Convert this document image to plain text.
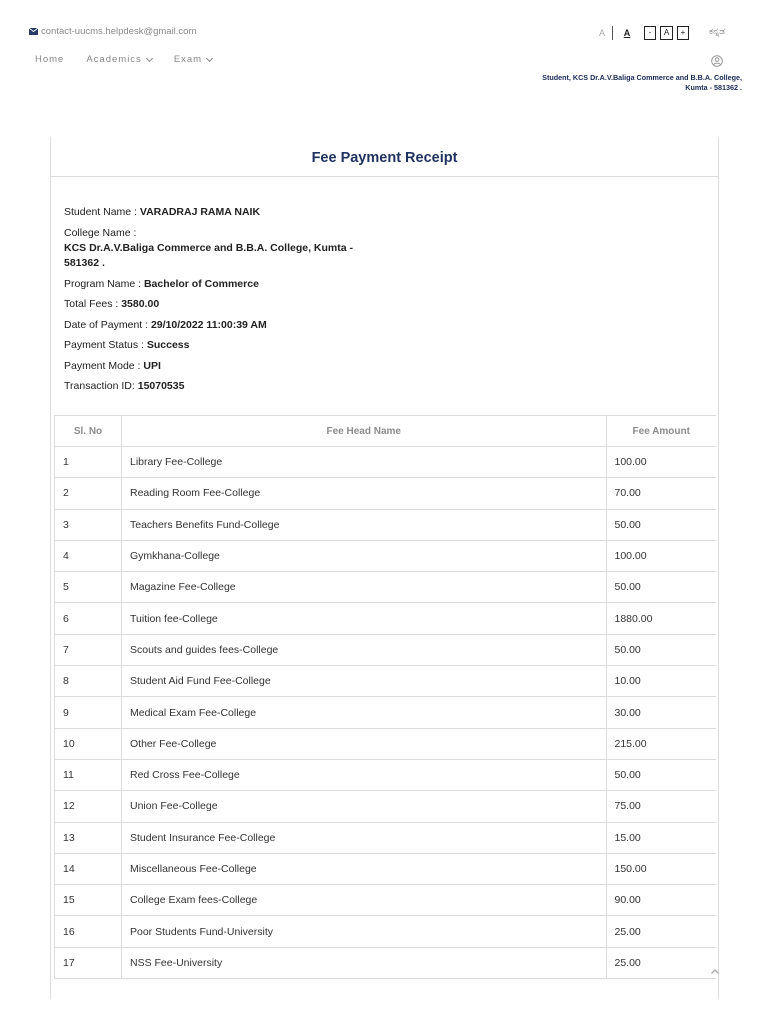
contact-uucms.helpdesk@gmail.com	A A	-	A	+	ಕನ್ನಡ
Home Academics	Exam
Student, KCS Dr.A.V.Baliga Commerce and B.B.A. College,
Kumta - 581362 .
Fee Payment Receipt
Student Name : VARADRAJ RAMA NAIK
College Name :
KCS Dr.A.V.Baliga Commerce and B.B.A. College, Kumta - 581362 .
Program Name : Bachelor of Commerce
Total Fees : 3580.00
Date of Payment : 29/10/2022 11:00:39 AM
Payment Status : Success
Payment Mode : UPI
Transaction ID: 15070535
Sl. No	Fee Head Name	Fee Amount
1	Library Fee-College	100.00
2	Reading Room Fee-College	70.00
3	Teachers Benefits Fund-College	50.00
4	Gymkhana-College	100.00
5	Magazine Fee-College	50.00
6	Tuition fee-College	1880.00
7	Scouts and guides fees-College	50.00
8	Student Aid Fund Fee-College	10.00
9	Medical Exam Fee-College	30.00
10	Other Fee-College	215.00
11	Red Cross Fee-College	50.00
12	Union Fee-College	75.00
13	Student Insurance Fee-College	15.00
14	Miscellaneous Fee-College	150.00
15	College Exam fees-College	90.00
16	Poor Students Fund-University	25.00
17	NSS Fee-University	25.00
